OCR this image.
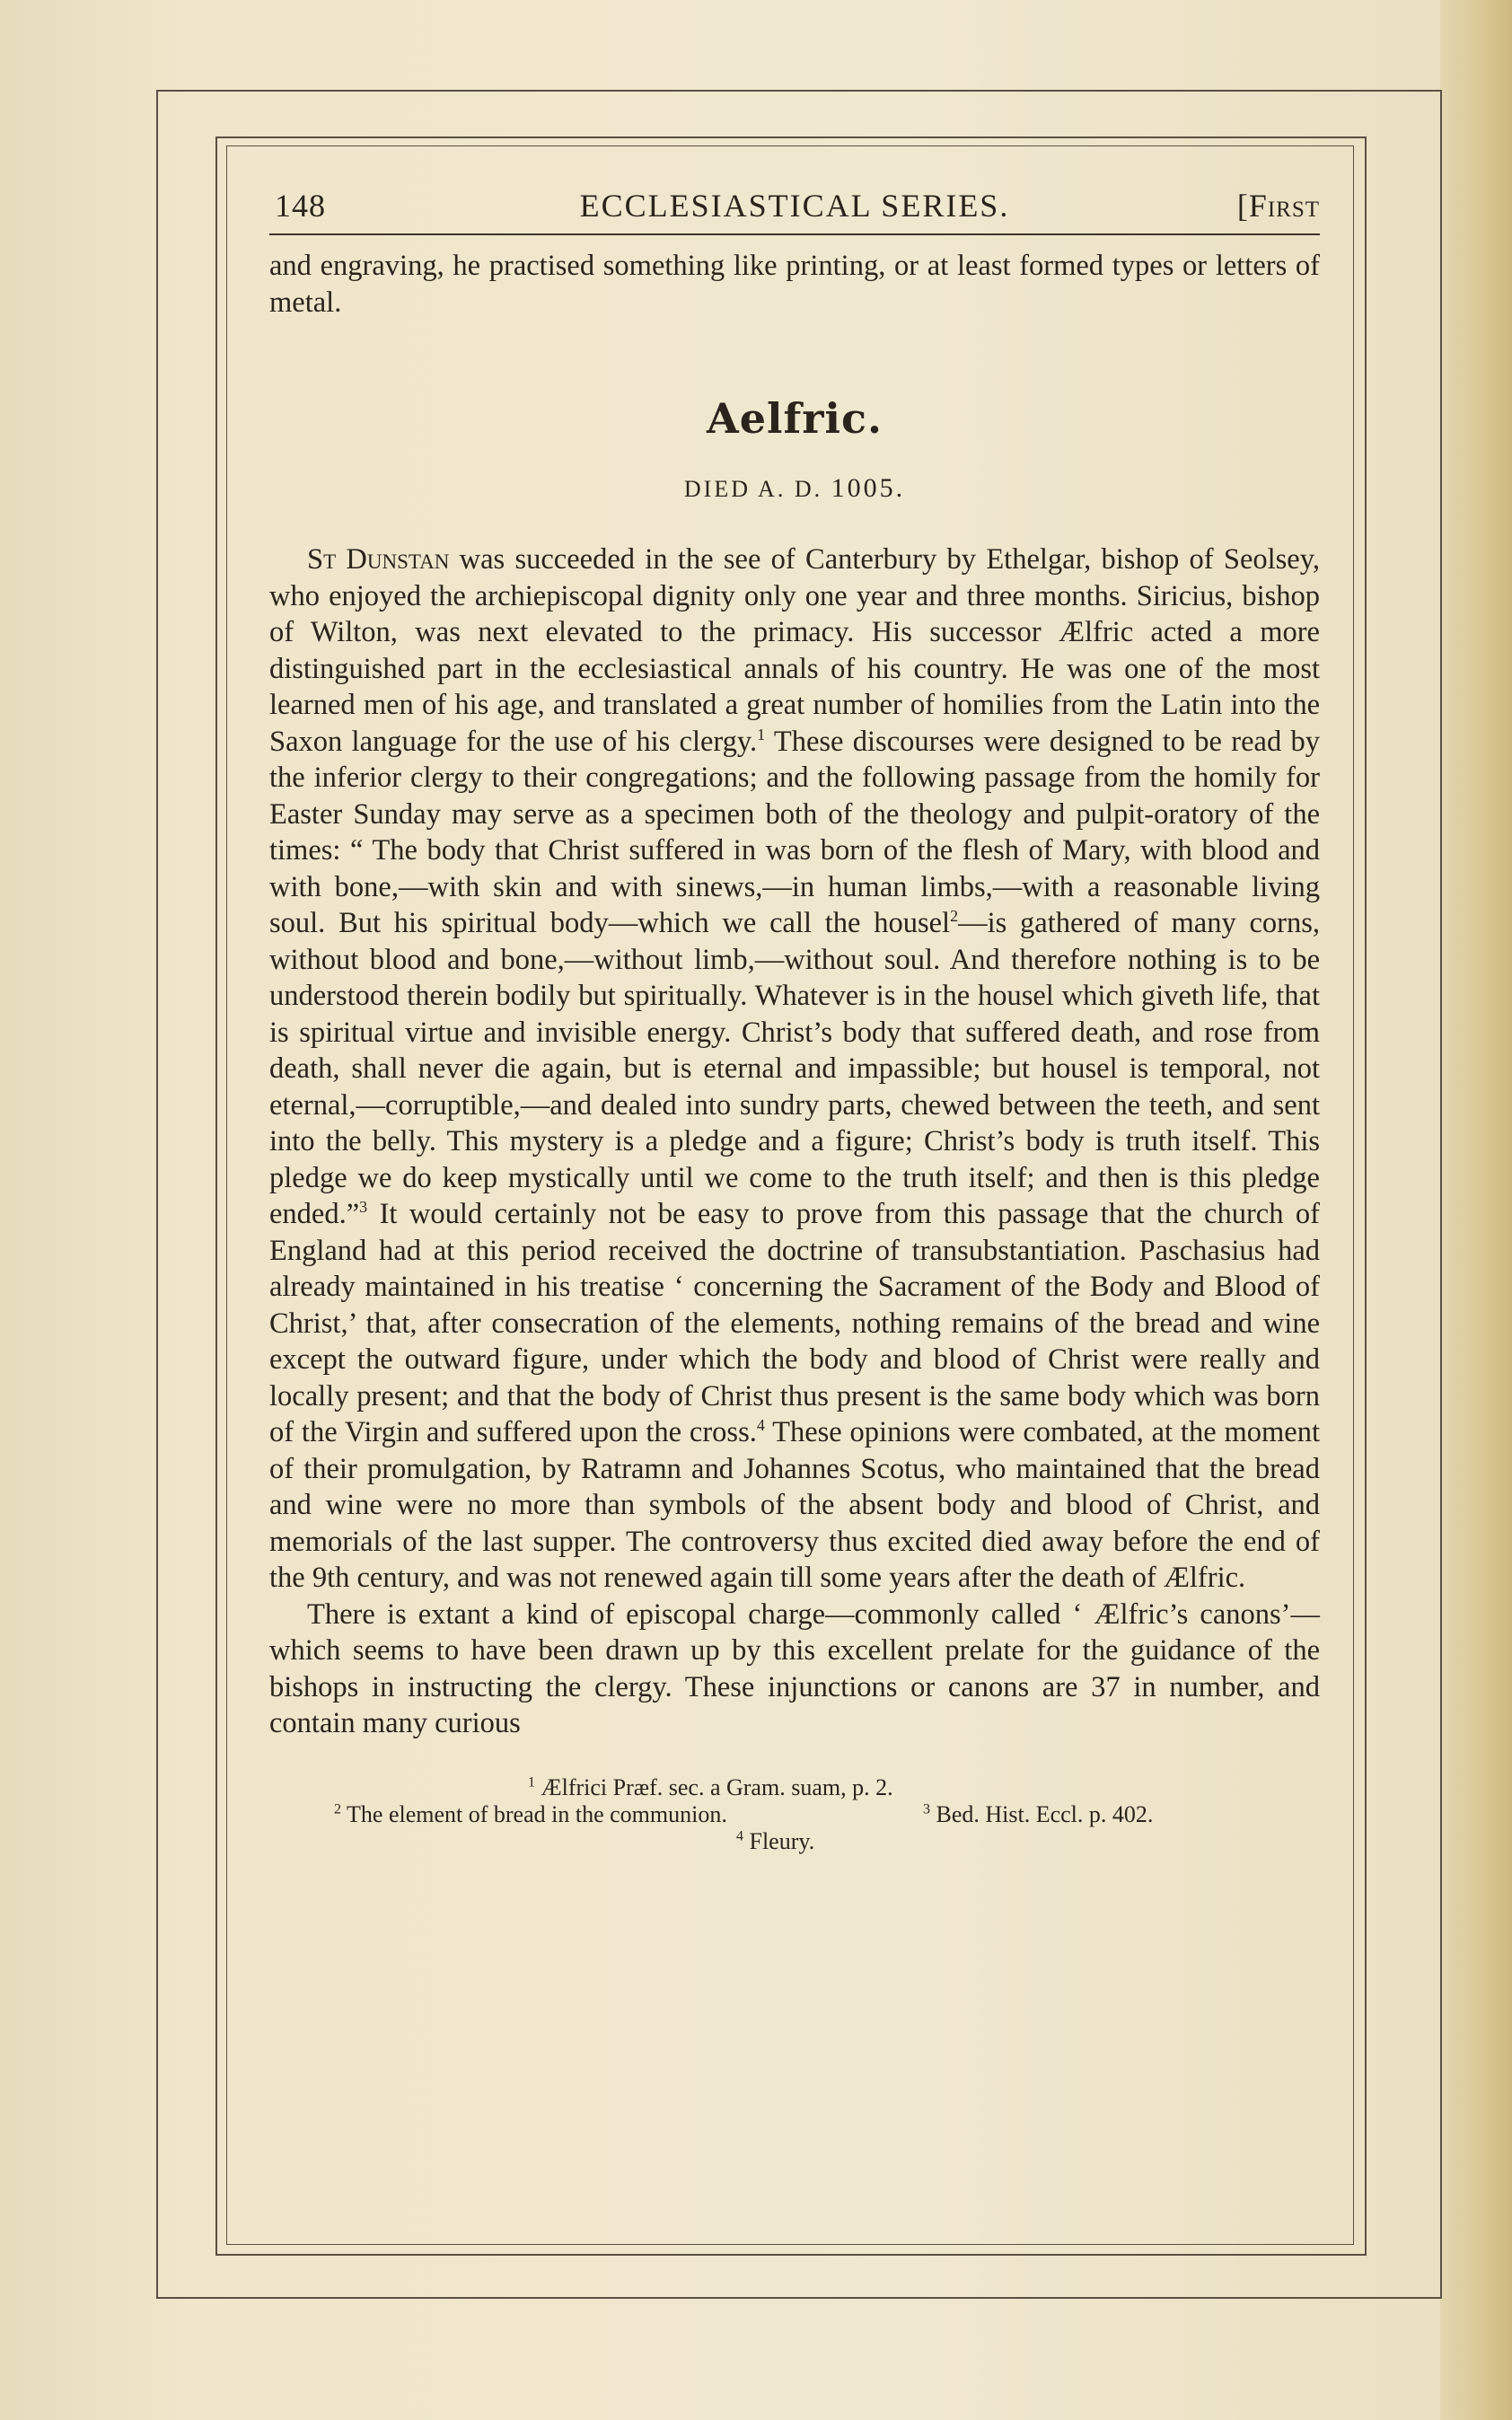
148	ECCLESIASTICAL SERIES.	[First

and engraving, he practised something like printing, or at least formed types or letters of metal.

Aelfric.
DIED A. D. 1005.

St Dunstan was succeeded in the see of Canterbury by Ethelgar, bishop of Seolsey, who enjoyed the archiepiscopal dignity only one year and three months. Siricius, bishop of Wilton, was next elevated to the primacy. His successor Ælfric acted a more distinguished part in the ecclesiastical annals of his country. He was one of the most learned men of his age, and translated a great number of homilies from the Latin into the Saxon language for the use of his clergy.$^1$ These discourses were designed to be read by the inferior clergy to their congregations; and the following passage from the homily for Easter Sunday may serve as a specimen both of the theology and pulpit-oratory of the times: “ The body that Christ suffered in was born of the flesh of Mary, with blood and with bone,—with skin and with sinews,—in human limbs,—with a reasonable living soul. But his spiritual body—which we call the housel$^2$—is gathered of many corns, without blood and bone,—without limb,—without soul. And therefore nothing is to be understood therein bodily but spiritually. Whatever is in the housel which giveth life, that is spiritual virtue and invisible energy. Christ’s body that suffered death, and rose from death, shall never die again, but is eternal and impassible; but housel is temporal, not eternal,—corruptible,—and dealed into sundry parts, chewed between the teeth, and sent into the belly. This mystery is a pledge and a figure; Christ’s body is truth itself. This pledge we do keep mystically until we come to the truth itself; and then is this pledge ended.”$^3$ It would certainly not be easy to prove from this passage that the church of England had at this period received the doctrine of transubstantiation. Paschasius had already maintained in his treatise ‘ concerning the Sacrament of the Body and Blood of Christ,’ that, after consecration of the elements, nothing remains of the bread and wine except the outward figure, under which the body and blood of Christ were really and locally present; and that the body of Christ thus present is the same body which was born of the Virgin and suffered upon the cross.$^4$ These opinions were combated, at the moment of their promulgation, by Ratramn and Johannes Scotus, who maintained that the bread and wine were no more than symbols of the absent body and blood of Christ, and memorials of the last supper. The controversy thus excited died away before the end of the 9th century, and was not renewed again till some years after the death of Ælfric.

There is extant a kind of episcopal charge—commonly called ‘ Ælfric’s canons’—which seems to have been drawn up by this excellent prelate for the guidance of the bishops in instructing the clergy. These injunctions or canons are 37 in number, and contain many curious

$^1$ Ælfrici Præf. sec. a Gram. suam, p. 2.
$^2$ The element of bread in the communion.	$^3$ Bed. Hist. Eccl. p. 402.
$^4$ Fleury.
